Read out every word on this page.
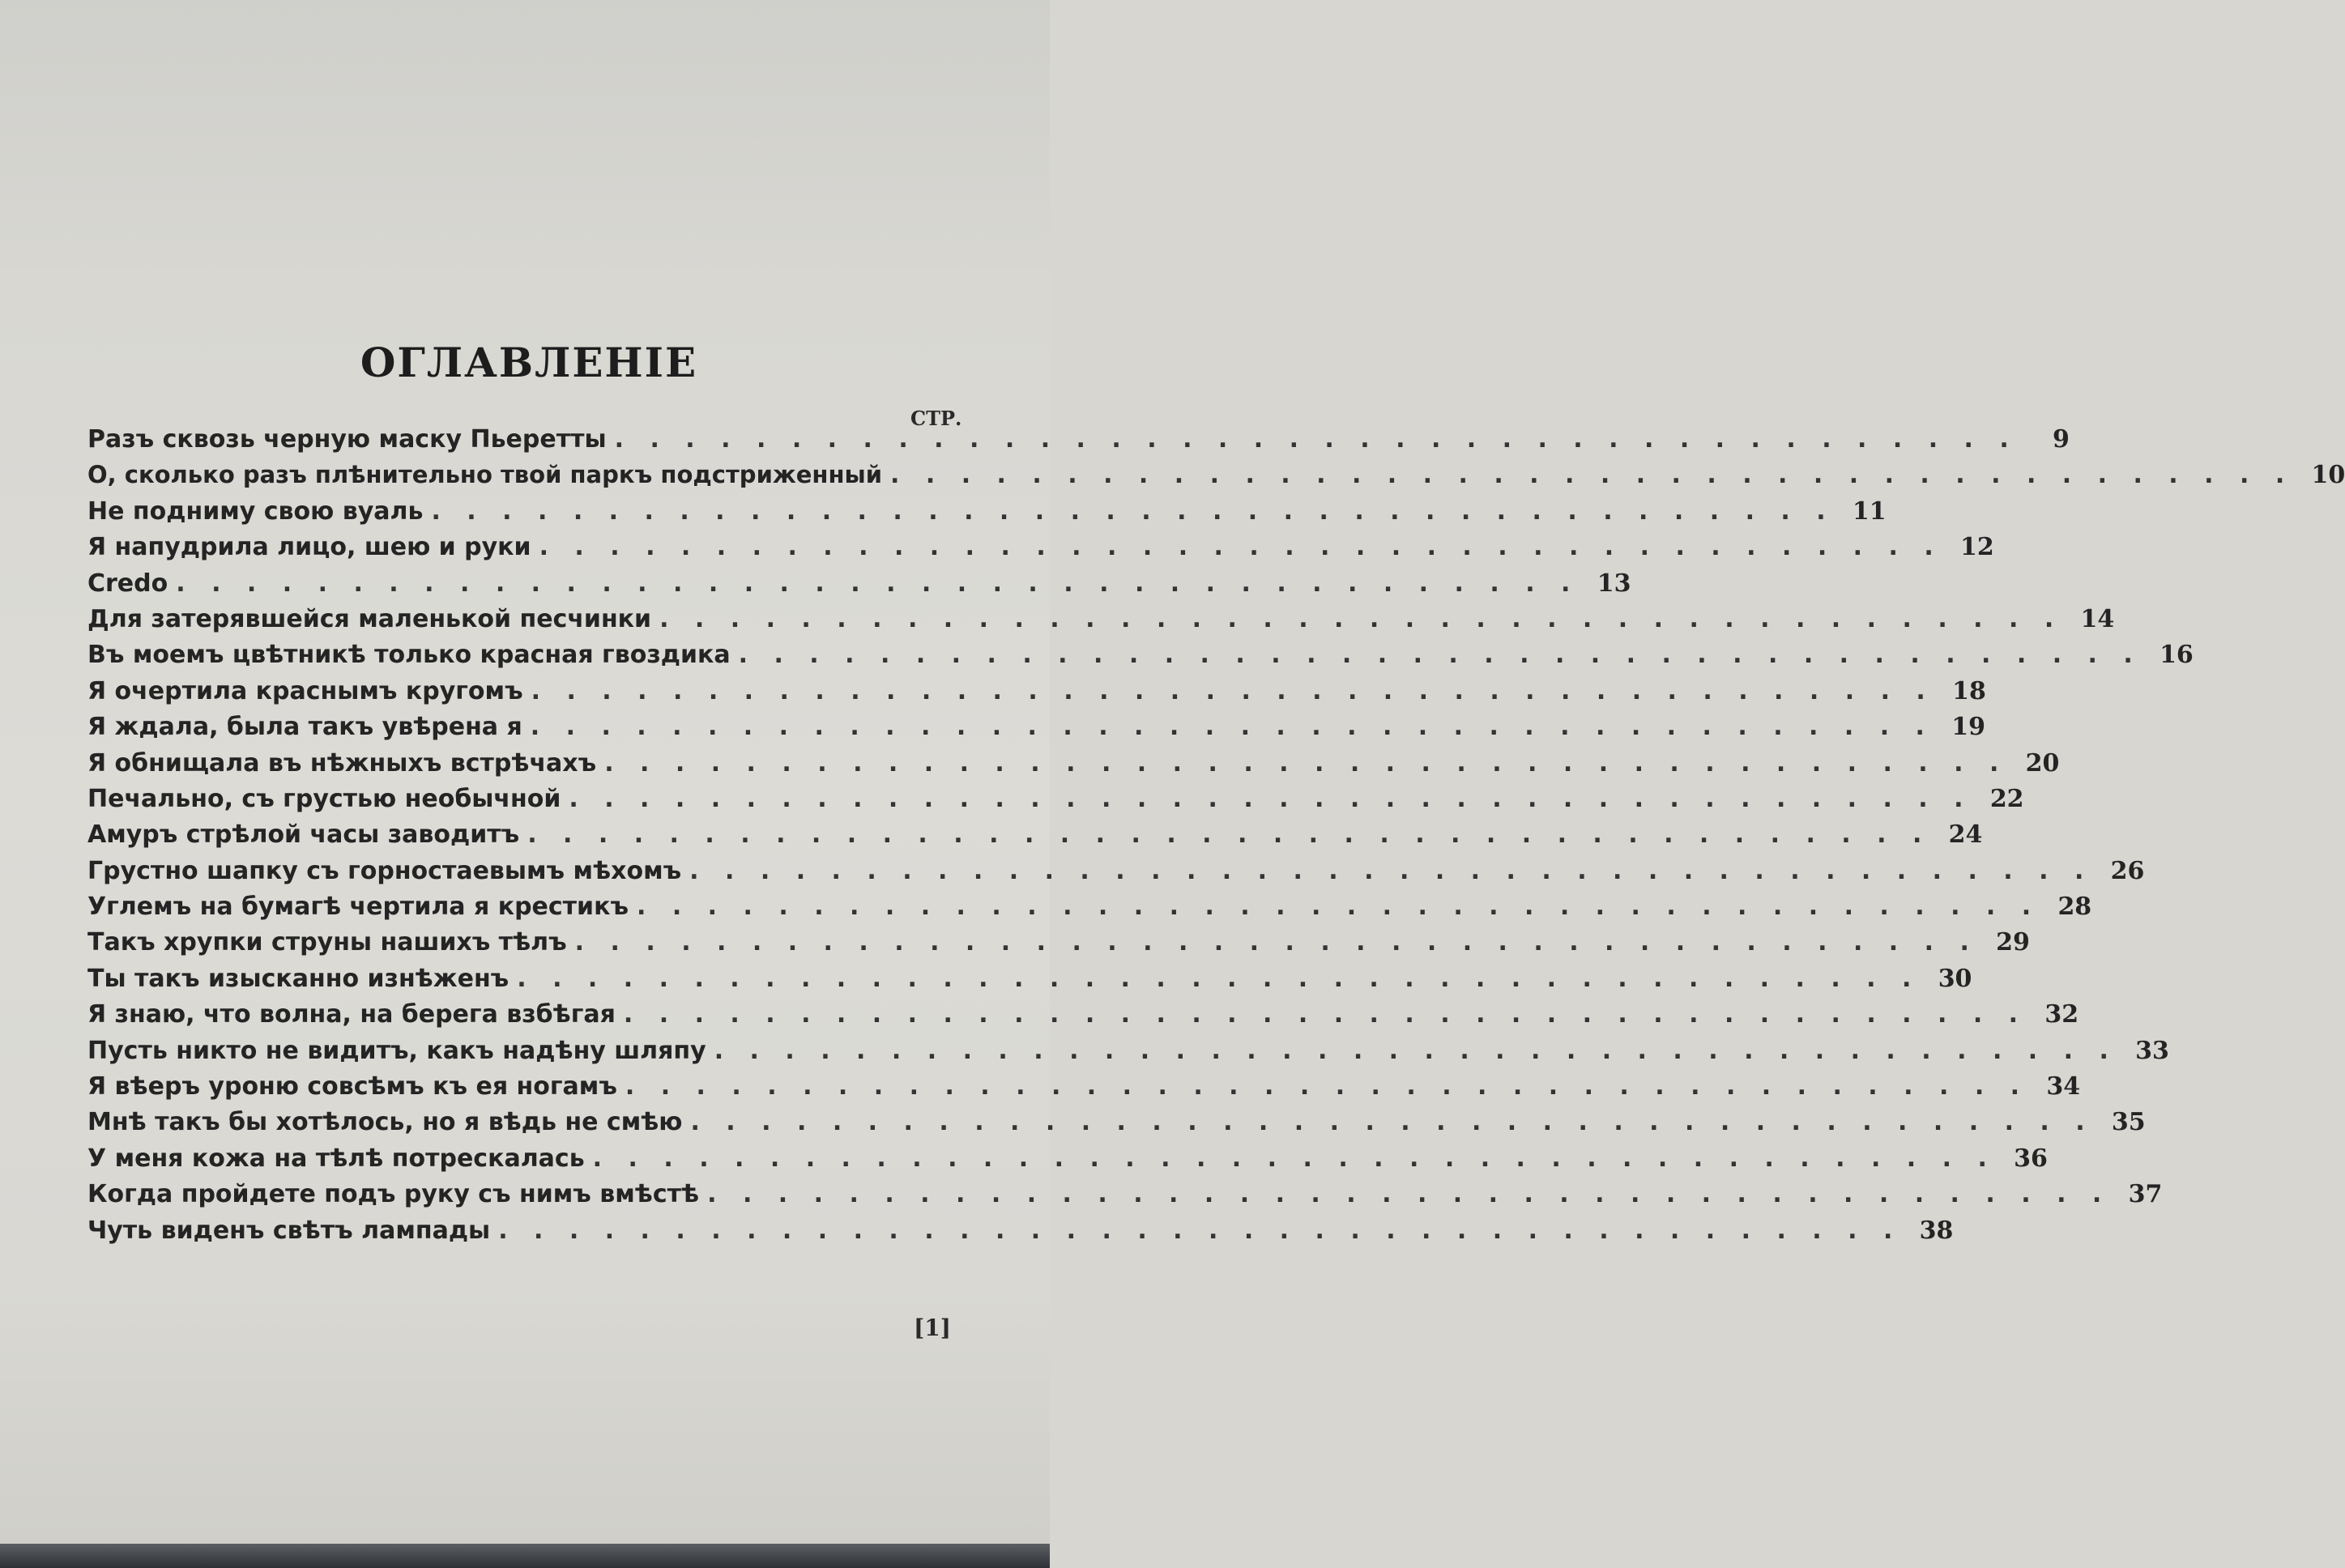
ОГЛАВЛЕНІЕ
СТР.
Разъ сквозь черную маску Пьеретты . . . . . . . . . . . . . . . . . . . . . . . . . . . . . . . . . . . . . . . .	9
О, сколько разъ плѣнительно твой паркъ подстриженный . . . . . . . . . . . . . . . . . . . . . . . . . . . . . . . . . . . . . . . . 10
Не подниму свою вуаль . . . . . . . . . . . . . . . . . . . . . . . . . . . . . . . . . . . . . . . . 11
Я напудрила лицо, шею и руки . . . . . . . . . . . . . . . . . . . . . . . . . . . . . . . . . . . . . . . . 12
Credo . . . . . . . . . . . . . . . . . . . . . . . . . . . . . . . . . . . . . . . . 13
Для затерявшейся маленькой песчинки . . . . . . . . . . . . . . . . . . . . . . . . . . . . . . . . . . . . . . . . 14
Въ моемъ цвѣтникѣ только красная гвоздика . . . . . . . . . . . . . . . . . . . . . . . . . . . . . . . . . . . . . . . . 16
Я очертила краснымъ кругомъ . . . . . . . . . . . . . . . . . . . . . . . . . . . . . . . . . . . . . . . . 18
Я ждала, была такъ увѣрена я . . . . . . . . . . . . . . . . . . . . . . . . . . . . . . . . . . . . . . . . 19
Я обнищала въ нѣжныхъ встрѣчахъ . . . . . . . . . . . . . . . . . . . . . . . . . . . . . . . . . . . . . . . . 20
Печально, съ грустью необычной . . . . . . . . . . . . . . . . . . . . . . . . . . . . . . . . . . . . . . . . 22
Амуръ стрѣлой часы заводитъ . . . . . . . . . . . . . . . . . . . . . . . . . . . . . . . . . . . . . . . . 24
Грустно шапку съ горностаевымъ мѣхомъ . . . . . . . . . . . . . . . . . . . . . . . . . . . . . . . . . . . . . . . . 26
Углемъ на бумагѣ чертила я крестикъ . . . . . . . . . . . . . . . . . . . . . . . . . . . . . . . . . . . . . . . . 28
Такъ хрупки струны нашихъ тѣлъ . . . . . . . . . . . . . . . . . . . . . . . . . . . . . . . . . . . . . . . . 29
Ты такъ изысканно изнѣженъ . . . . . . . . . . . . . . . . . . . . . . . . . . . . . . . . . . . . . . . . 30
Я знаю, что волна, на берега взбѣгая . . . . . . . . . . . . . . . . . . . . . . . . . . . . . . . . . . . . . . . . 32
Пусть никто не видитъ, какъ надѣну шляпу . . . . . . . . . . . . . . . . . . . . . . . . . . . . . . . . . . . . . . . . 33
Я вѣеръ уроню совсѣмъ къ ея ногамъ . . . . . . . . . . . . . . . . . . . . . . . . . . . . . . . . . . . . . . . . 34
Мнѣ такъ бы хотѣлось, но я вѣдь не смѣю . . . . . . . . . . . . . . . . . . . . . . . . . . . . . . . . . . . . . . . . 35
У меня кожа на тѣлѣ потрескалась . . . . . . . . . . . . . . . . . . . . . . . . . . . . . . . . . . . . . . . . 36
Когда пройдете подъ руку съ нимъ вмѣстѣ . . . . . . . . . . . . . . . . . . . . . . . . . . . . . . . . . . . . . . . . 37
Чуть виденъ свѣтъ лампады . . . . . . . . . . . . . . . . . . . . . . . . . . . . . . . . . . . . . . . . 38
[1]
